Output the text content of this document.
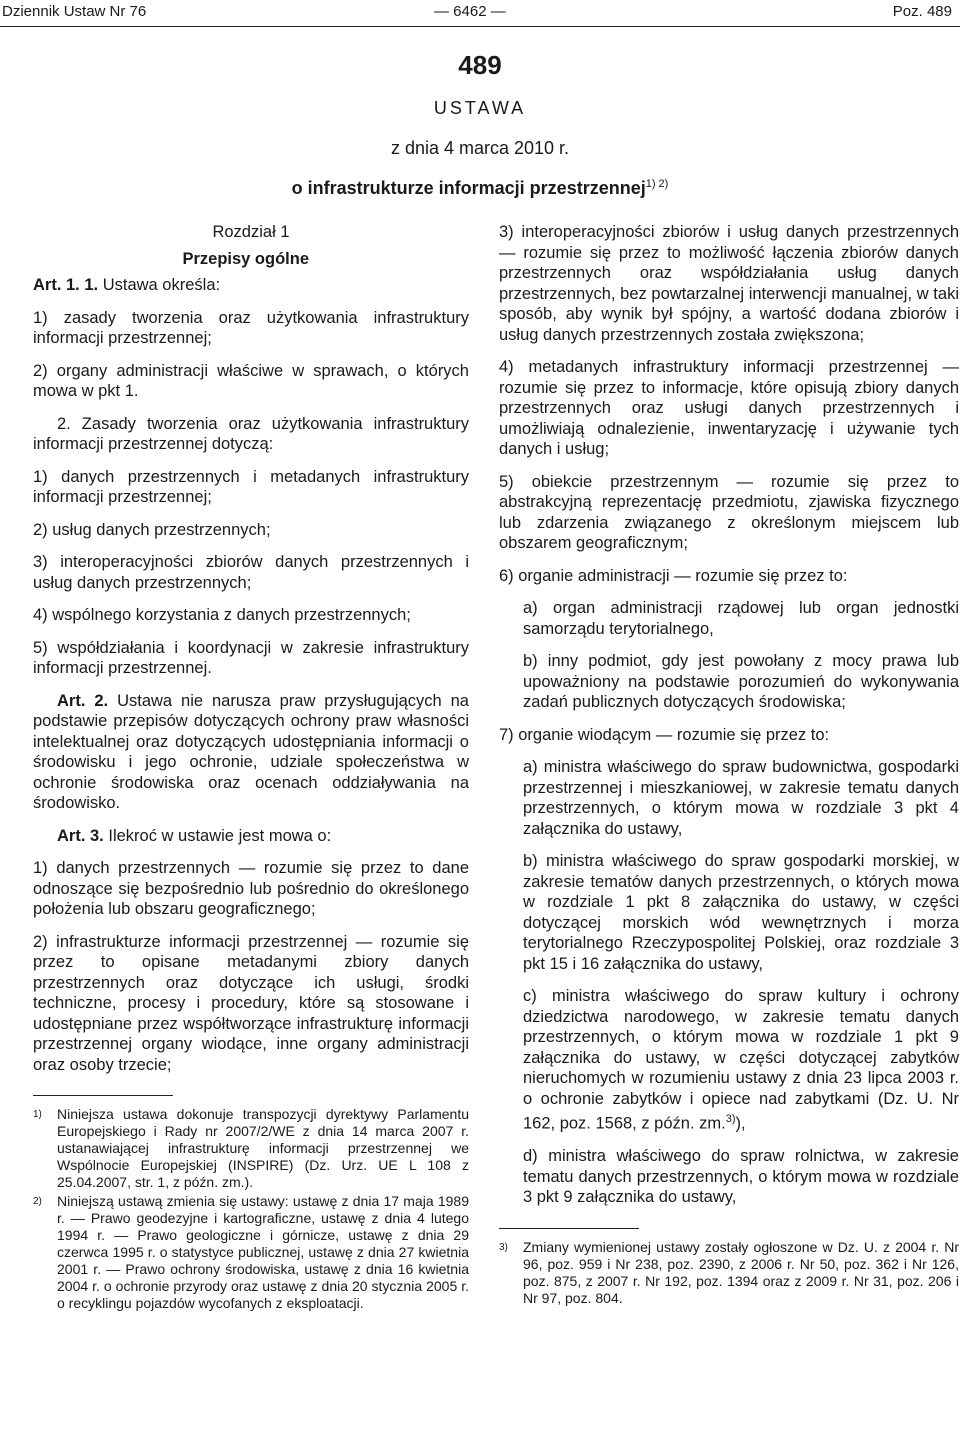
Dziennik Ustaw Nr 76	— 6462 —	Poz. 489
489
USTAWA
z dnia 4 marca 2010 r.
o infrastrukturze informacji przestrzennej$^{1) 2)}$
Rozdział 1
Przepisy ogólne

Art. 1. 1. Ustawa określa:

1) zasady tworzenia oraz użytkowania infrastruktury informacji przestrzennej;

2) organy administracji właściwe w sprawach, o których mowa w pkt 1.

2. Zasady tworzenia oraz użytkowania infrastruktury informacji przestrzennej dotyczą:

1) danych przestrzennych i metadanych infrastruktury informacji przestrzennej;

2) usług danych przestrzennych;

3) interoperacyjności zbiorów danych przestrzennych i usług danych przestrzennych;

4) wspólnego korzystania z danych przestrzennych;

5) współdziałania i koordynacji w zakresie infrastruktury informacji przestrzennej.

Art. 2. Ustawa nie narusza praw przysługujących na podstawie przepisów dotyczących ochrony praw własności intelektualnej oraz dotyczących udostępniania informacji o środowisku i jego ochronie, udziale społeczeństwa w ochronie środowiska oraz ocenach oddziaływania na środowisko.

Art. 3. Ilekroć w ustawie jest mowa o:

1) danych przestrzennych — rozumie się przez to dane odnoszące się bezpośrednio lub pośrednio do określonego położenia lub obszaru geograficznego;

2) infrastrukturze informacji przestrzennej — rozumie się przez to opisane metadanymi zbiory danych przestrzennych oraz dotyczące ich usługi, środki techniczne, procesy i procedury, które są stosowane i udostępniane przez współtworzące infrastrukturę informacji przestrzennej organy wiodące, inne organy administracji oraz osoby trzecie;

$^{1)}$	Niniejsza ustawa dokonuje transpozycji dyrektywy Parlamentu Europejskiego i Rady nr 2007/2/WE z dnia 14 marca 2007 r. ustanawiającej infrastrukturę informacji przestrzennej we Wspólnocie Europejskiej (INSPIRE) (Dz. Urz. UE L 108 z 25.04.2007, str. 1, z późn. zm.).
$^{2)}$	Niniejszą ustawą zmienia się ustawy: ustawę z dnia 17 maja 1989 r. — Prawo geodezyjne i kartograficzne, ustawę z dnia 4 lutego 1994 r. — Prawo geologiczne i górnicze, ustawę z dnia 29 czerwca 1995 r. o statystyce publicznej, ustawę z dnia 27 kwietnia 2001 r. — Prawo ochrony środowiska, ustawę z dnia 16 kwietnia 2004 r. o ochronie przyrody oraz ustawę z dnia 20 stycznia 2005 r. o recyklingu pojazdów wycofanych z eksploatacji.

3) interoperacyjności zbiorów i usług danych przestrzennych — rozumie się przez to możliwość łączenia zbiorów danych przestrzennych oraz współdziałania usług danych przestrzennych, bez powtarzalnej interwencji manualnej, w taki sposób, aby wynik był spójny, a wartość dodana zbiorów i usług danych przestrzennych została zwiększona;

4) metadanych infrastruktury informacji przestrzennej — rozumie się przez to informacje, które opisują zbiory danych przestrzennych oraz usługi danych przestrzennych i umożliwiają odnalezienie, inwentaryzację i używanie tych danych i usług;

5) obiekcie przestrzennym — rozumie się przez to abstrakcyjną reprezentację przedmiotu, zjawiska fizycznego lub zdarzenia związanego z określonym miejscem lub obszarem geograficznym;

6) organie administracji — rozumie się przez to:

a) organ administracji rządowej lub organ jednostki samorządu terytorialnego,

b) inny podmiot, gdy jest powołany z mocy prawa lub upoważniony na podstawie porozumień do wykonywania zadań publicznych dotyczących środowiska;

7) organie wiodącym — rozumie się przez to:

a) ministra właściwego do spraw budownictwa, gospodarki przestrzennej i mieszkaniowej, w zakresie tematu danych przestrzennych, o którym mowa w rozdziale 3 pkt 4 załącznika do ustawy,

b) ministra właściwego do spraw gospodarki morskiej, w zakresie tematów danych przestrzennych, o których mowa w rozdziale 1 pkt 8 załącznika do ustawy, w części dotyczącej morskich wód wewnętrznych i morza terytorialnego Rzeczypospolitej Polskiej, oraz rozdziale 3 pkt 15 i 16 załącznika do ustawy,

c) ministra właściwego do spraw kultury i ochrony dziedzictwa narodowego, w zakresie tematu danych przestrzennych, o którym mowa w rozdziale 1 pkt 9 załącznika do ustawy, w części dotyczącej zabytków nieruchomych w rozumieniu ustawy z dnia 23 lipca 2003 r. o ochronie zabytków i opiece nad zabytkami (Dz. U. Nr 162, poz. 1568, z późn. zm.$^{3)}$),

d) ministra właściwego do spraw rolnictwa, w zakresie tematu danych przestrzennych, o którym mowa w rozdziale 3 pkt 9 załącznika do ustawy,

$^{3)}$	Zmiany wymienionej ustawy zostały ogłoszone w Dz. U. z 2004 r. Nr 96, poz. 959 i Nr 238, poz. 2390, z 2006 r. Nr 50, poz. 362 i Nr 126, poz. 875, z 2007 r. Nr 192, poz. 1394 oraz z 2009 r. Nr 31, poz. 206 i Nr 97, poz. 804.
